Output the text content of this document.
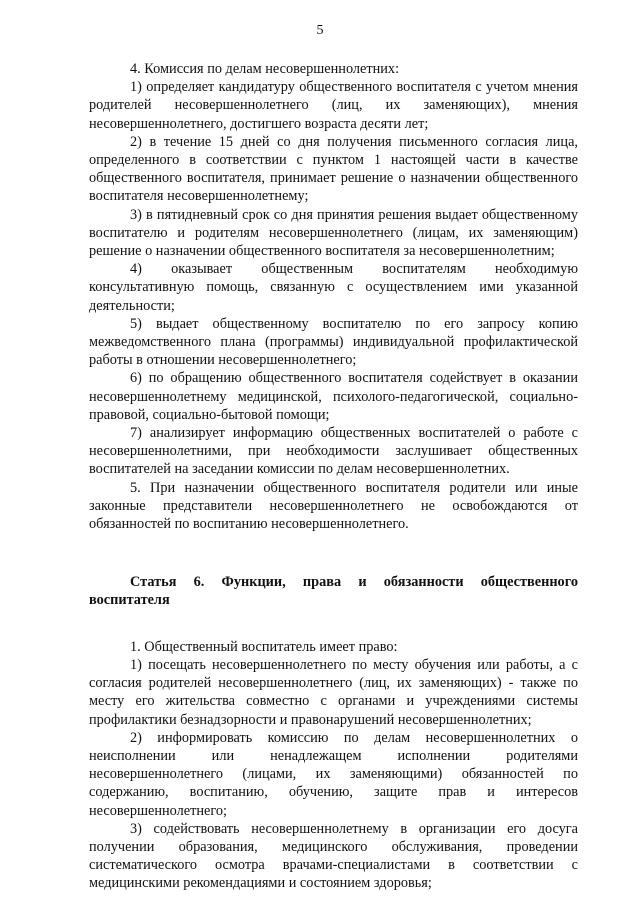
5

4. Комиссия по делам несовершеннолетних:

1) определяет кандидатуру общественного воспитателя с учетом мнения родителей несовершеннолетнего (лиц, их заменяющих), мнения несовершеннолетнего, достигшего возраста десяти лет;

2) в течение 15 дней со дня получения письменного согласия лица, определенного в соответствии с пунктом 1 настоящей части в качестве общественного воспитателя, принимает решение о назначении общественного воспитателя несовершеннолетнему;

3) в пятидневный срок со дня принятия решения выдает общественному воспитателю и родителям несовершеннолетнего (лицам, их заменяющим) решение о назначении общественного воспитателя за несовершеннолетним;

4) оказывает общественным воспитателям необходимую консультативную помощь, связанную с осуществлением ими указанной деятельности;

5) выдает общественному воспитателю по его запросу копию межведомственного плана (программы) индивидуальной профилактической работы в отношении несовершеннолетнего;

6) по обращению общественного воспитателя содействует в оказании несовершеннолетнему медицинской, психолого-педагогической, социально-правовой, социально-бытовой помощи;

7) анализирует информацию общественных воспитателей о работе с несовершеннолетними, при необходимости заслушивает общественных воспитателей на заседании комиссии по делам несовершеннолетних.

5. При назначении общественного воспитателя родители или иные законные представители несовершеннолетнего не освобождаются от обязанностей по воспитанию несовершеннолетнего.

Статья 6. Функции, права и обязанности общественного воспитателя

1. Общественный воспитатель имеет право:

1) посещать несовершеннолетнего по месту обучения или работы, а с согласия родителей несовершеннолетнего (лиц, их заменяющих) - также по месту его жительства совместно с органами и учреждениями системы профилактики безнадзорности и правонарушений несовершеннолетних;

2) информировать комиссию по делам несовершеннолетних о неисполнении или ненадлежащем исполнении родителями несовершеннолетнего (лицами, их заменяющими) обязанностей по содержанию, воспитанию, обучению, защите прав и интересов несовершеннолетнего;

3) содействовать несовершеннолетнему в организации его досуга получении образования, медицинского обслуживания, проведении систематического осмотра врачами-специалистами в соответствии с медицинскими рекомендациями и состоянием здоровья;
